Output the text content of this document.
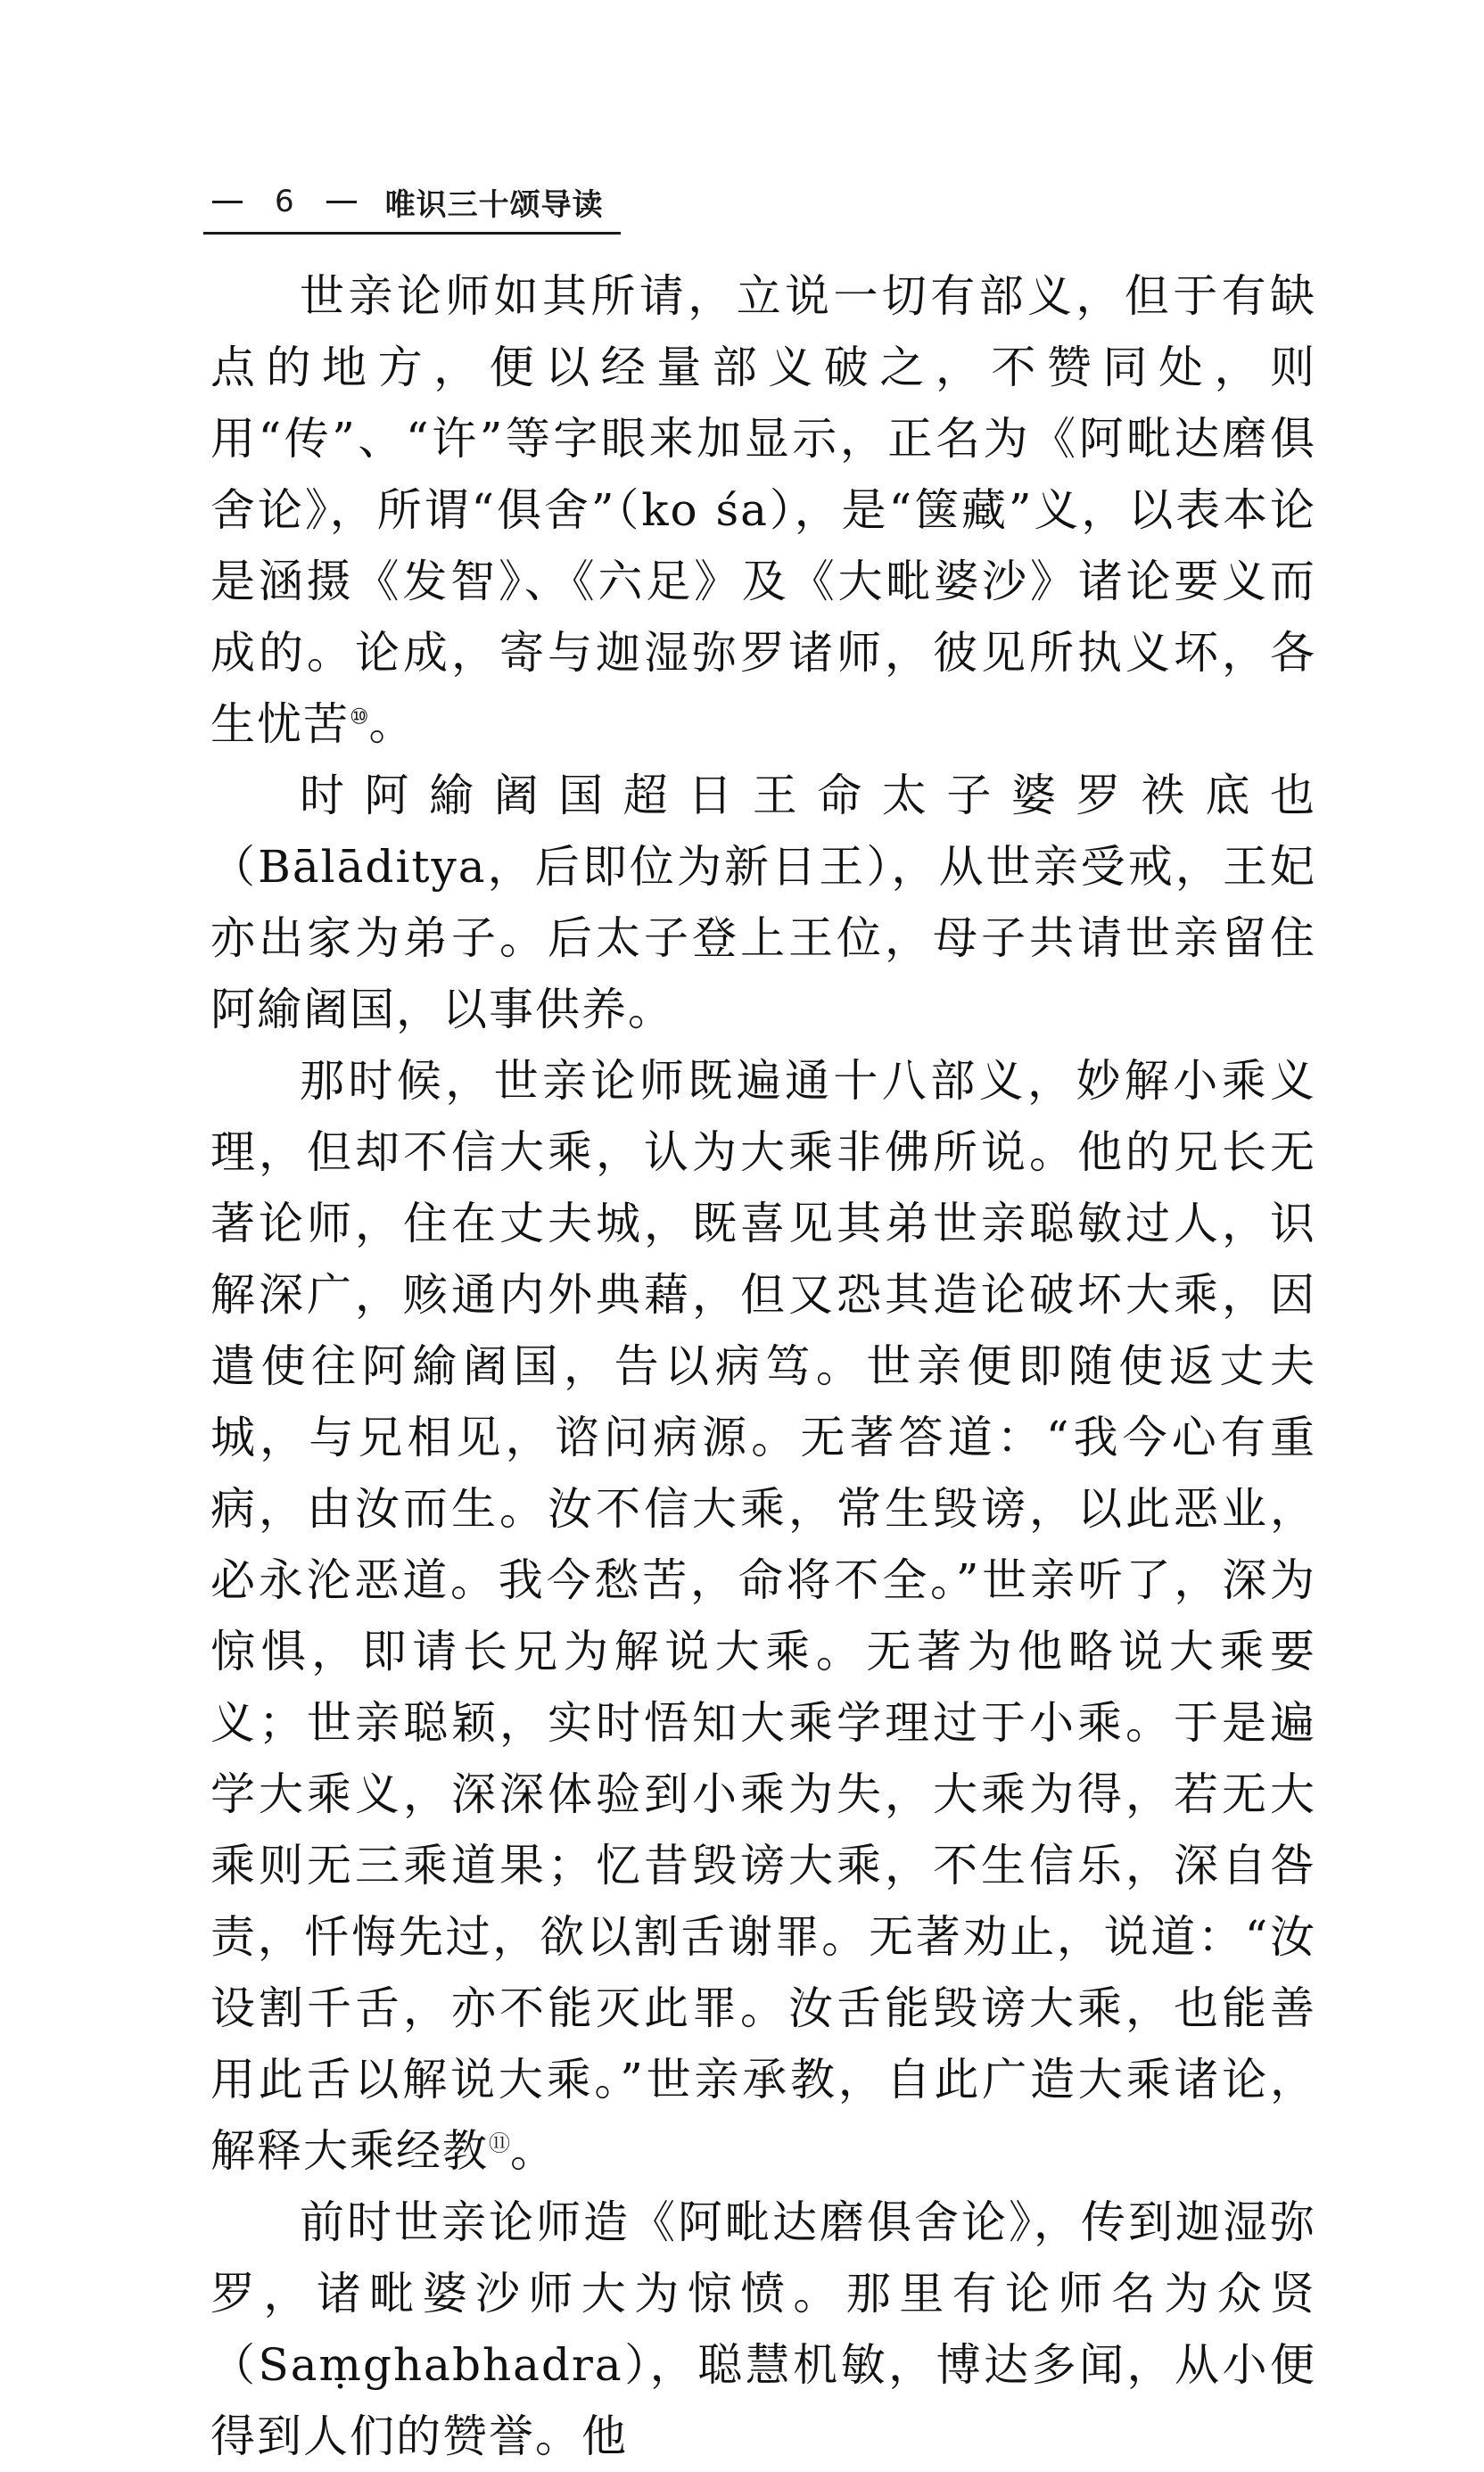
6	唯识三十颂导读

世亲论师如其所请，立说一切有部义，但于有缺点的地方，便以经量部义破之，不赞同处，则用“传”、“许”等字眼来加显示，正名为《阿毗达磨俱舍论》，所谓“俱舍”（ko śa），是“箧藏”义，以表本论是涵摄《发智》、《六足》及《大毗婆沙》诸论要义而成的。论成，寄与迦湿弥罗诸师，彼见所执义坏，各生忧苦⑩。

时阿緰阇国超日王命太子婆罗袟底也（Bālāditya，后即位为新日王），从世亲受戒，王妃亦出家为弟子。后太子登上王位，母子共请世亲留住阿緰阇国，以事供养。

那时候，世亲论师既遍通十八部义，妙解小乘义理，但却不信大乘，认为大乘非佛所说。他的兄长无著论师，住在丈夫城，既喜见其弟世亲聪敏过人，识解深广，赅通内外典藉，但又恐其造论破坏大乘，因遣使往阿緰阇国，告以病笃。世亲便即随使返丈夫城，与兄相见，谘问病源。无著答道：“我今心有重病，由汝而生。汝不信大乘，常生毁谤，以此恶业，必永沦恶道。我今愁苦，命将不全。”世亲听了，深为惊惧，即请长兄为解说大乘。无著为他略说大乘要义；世亲聪颖，实时悟知大乘学理过于小乘。于是遍学大乘义，深深体验到小乘为失，大乘为得，若无大乘则无三乘道果；忆昔毁谤大乘，不生信乐，深自咎责，忏悔先过，欲以割舌谢罪。无著劝止，说道：“汝设割千舌，亦不能灭此罪。汝舌能毁谤大乘，也能善用此舌以解说大乘。”世亲承教，自此广造大乘诸论，解释大乘经教⑪。

前时世亲论师造《阿毗达磨俱舍论》，传到迦湿弥罗，诸毗婆沙师大为惊愤。那里有论师名为众贤（Saṃghabhadra），聪慧机敏，博达多闻，从小便得到人们的赞誉。他
